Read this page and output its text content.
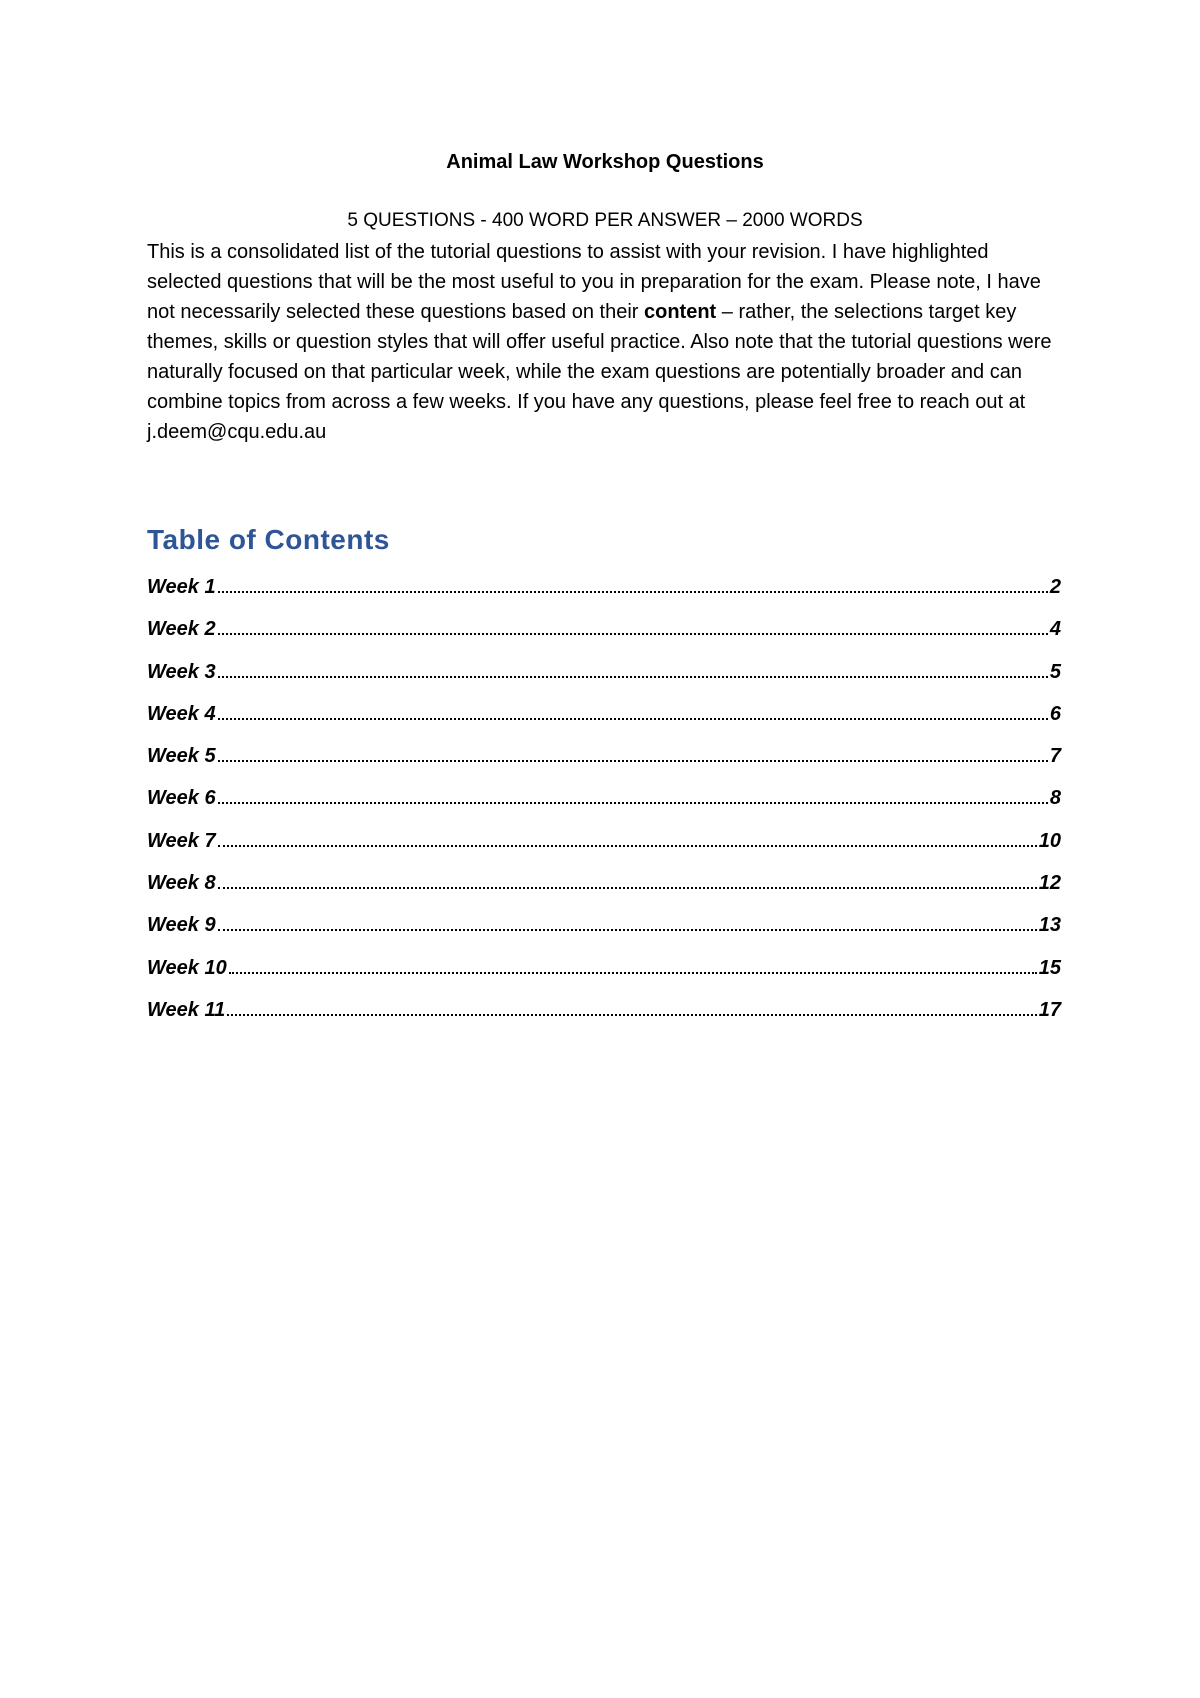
Animal Law Workshop Questions
5 QUESTIONS - 400 WORD PER ANSWER – 2000 WORDS

This is a consolidated list of the tutorial questions to assist with your revision. I have highlighted selected questions that will be the most useful to you in preparation for the exam. Please note, I have not necessarily selected these questions based on their content – rather, the selections target key themes, skills or question styles that will offer useful practice. Also note that the tutorial questions were naturally focused on that particular week, while the exam questions are potentially broader and can combine topics from across a few weeks. If you have any questions, please feel free to reach out at j.deem@cqu.edu.au

Table of Contents
Week 1	2
Week 2	4
Week 3	5
Week 4	6
Week 5	7
Week 6	8
Week 7	10
Week 8	12
Week 9	13
Week 10	15
Week 11	17
